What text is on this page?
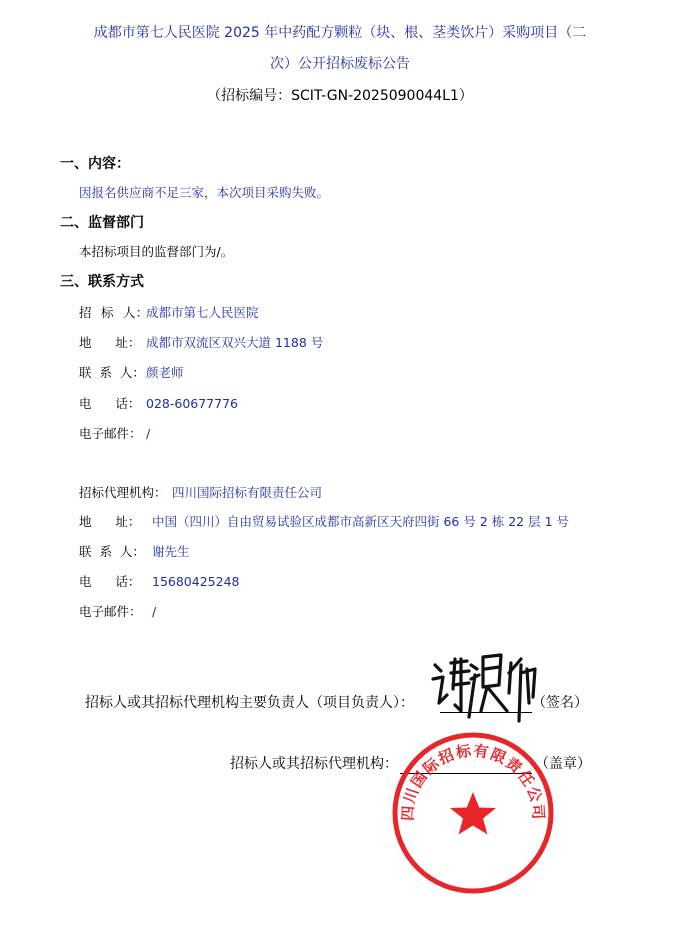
成都市第七人民医院 2025 年中药配方颗粒（块、根、茎类饮片）采购项目（二
次）公开招标废标公告
（招标编号：SCIT-GN-2025090044L1）
一、内容：
因报名供应商不足三家，本次项目采购失败。
二、监督部门
本招标项目的监督部门为/。
三、联系方式
招  标  人：
成都市第七人民医院
地      址： 成都市双流区双兴大道 1188 号
联  系  人： 颜老师
电      话： 028-60677776
电子邮件： /
招标代理机构： 四川国际招标有限责任公司
地      址： 中国（四川）自由贸易试验区成都市高新区天府四街 66 号 2 栋 22 层 1 号
联  系  人： 谢先生
电      话： 15680425248
电子邮件： /
招标人或其招标代理机构主要负责人（项目负责人）：	（签名）
招标人或其招标代理机构：	（盖章）
四川国际招标有限责任公司
